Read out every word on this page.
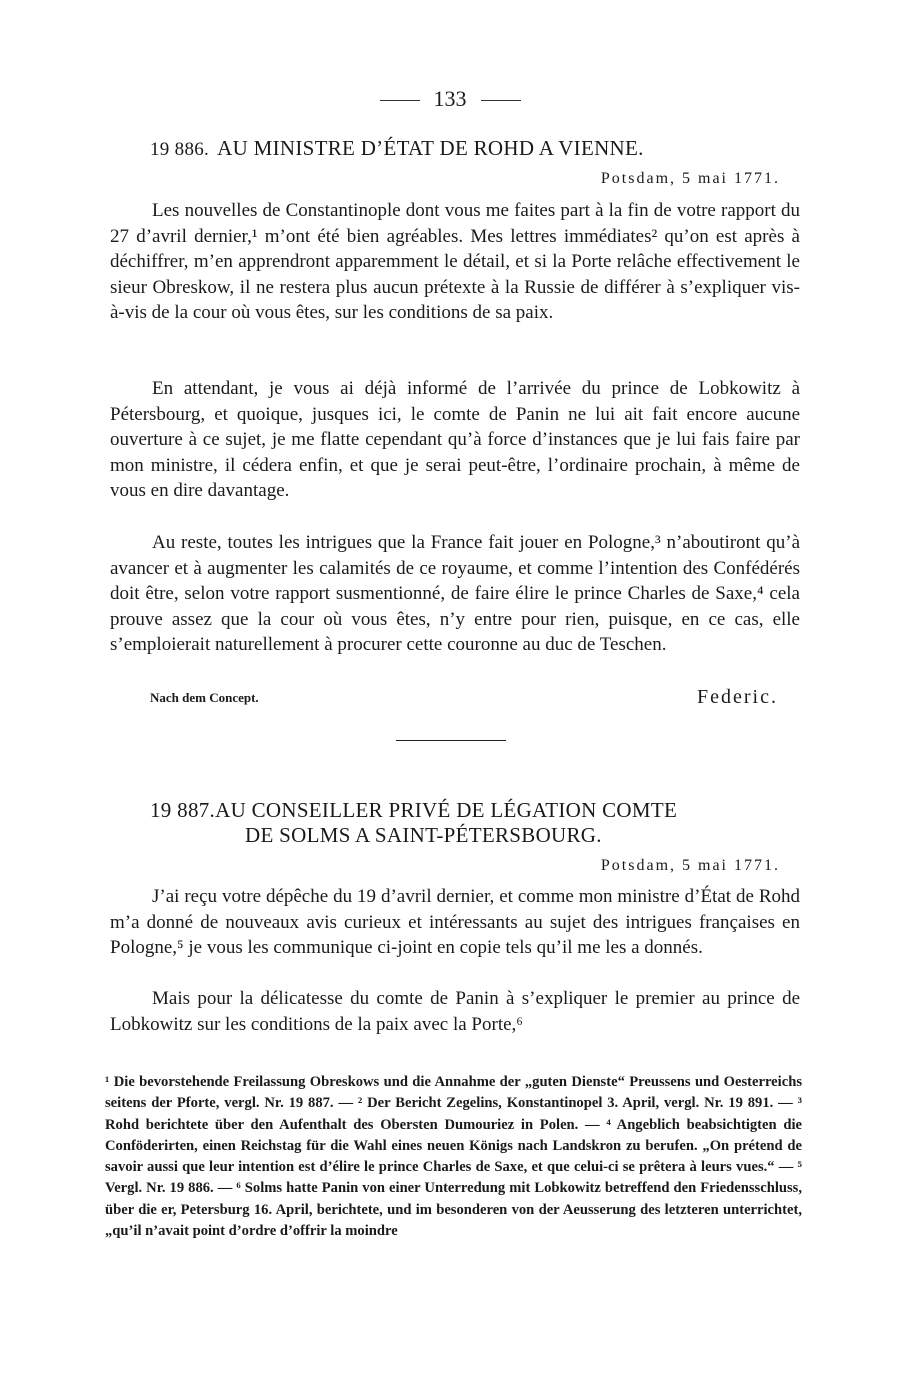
133
19 886. AU MINISTRE D’ÉTAT DE ROHD A VIENNE.
Potsdam, 5 mai 1771.
Les nouvelles de Constantinople dont vous me faites part à la fin de votre rapport du 27 d’avril dernier,¹ m’ont été bien agréables. Mes lettres immédiates² qu’on est après à déchiffrer, m’en apprendront apparemment le détail, et si la Porte relâche effectivement le sieur Obreskow, il ne restera plus aucun prétexte à la Russie de différer à s’expliquer vis-à-vis de la cour où vous êtes, sur les conditions de sa paix.
En attendant, je vous ai déjà informé de l’arrivée du prince de Lobkowitz à Pétersbourg, et quoique, jusques ici, le comte de Panin ne lui ait fait encore aucune ouverture à ce sujet, je me flatte cependant qu’à force d’instances que je lui fais faire par mon ministre, il cédera enfin, et que je serai peut-être, l’ordinaire prochain, à même de vous en dire davantage.
Au reste, toutes les intrigues que la France fait jouer en Pologne,³ n’aboutiront qu’à avancer et à augmenter les calamités de ce royaume, et comme l’intention des Confédérés doit être, selon votre rapport susmentionné, de faire élire le prince Charles de Saxe,⁴ cela prouve assez que la cour où vous êtes, n’y entre pour rien, puisque, en ce cas, elle s’emploierait naturellement à procurer cette couronne au duc de Teschen.
Nach dem Concept.	Federic.
19 887.AU CONSEILLER PRIVÉ DE LÉGATION COMTE
DE SOLMS A SAINT-PÉTERSBOURG.
Potsdam, 5 mai 1771.
J’ai reçu votre dépêche du 19 d’avril dernier, et comme mon ministre d’État de Rohd m’a donné de nouveaux avis curieux et intéressants au sujet des intrigues françaises en Pologne,⁵ je vous les communique ci-joint en copie tels qu’il me les a donnés.
Mais pour la délicatesse du comte de Panin à s’expliquer le premier au prince de Lobkowitz sur les conditions de la paix avec la Porte,⁶
¹ Die bevorstehende Freilassung Obreskows und die Annahme der „guten Dienste“ Preussens und Oesterreichs seitens der Pforte, vergl. Nr. 19 887. — ² Der Bericht Zegelins, Konstantinopel 3. April, vergl. Nr. 19 891. — ³ Rohd berichtete über den Aufenthalt des Obersten Dumouriez in Polen. — ⁴ Angeblich beabsichtigten die Conföderirten, einen Reichstag für die Wahl eines neuen Königs nach Landskron zu berufen. „On prétend de savoir aussi que leur intention est d’élire le prince Charles de Saxe, et que celui-ci se prêtera à leurs vues.“ — ⁵ Vergl. Nr. 19 886. — ⁶ Solms hatte Panin von einer Unterredung mit Lobkowitz betreffend den Friedensschluss, über die er, Petersburg 16. April, berichtete, und im besonderen von der Aeusserung des letzteren unterrichtet, „qu’il n’avait point d’ordre d’offrir la moindre
